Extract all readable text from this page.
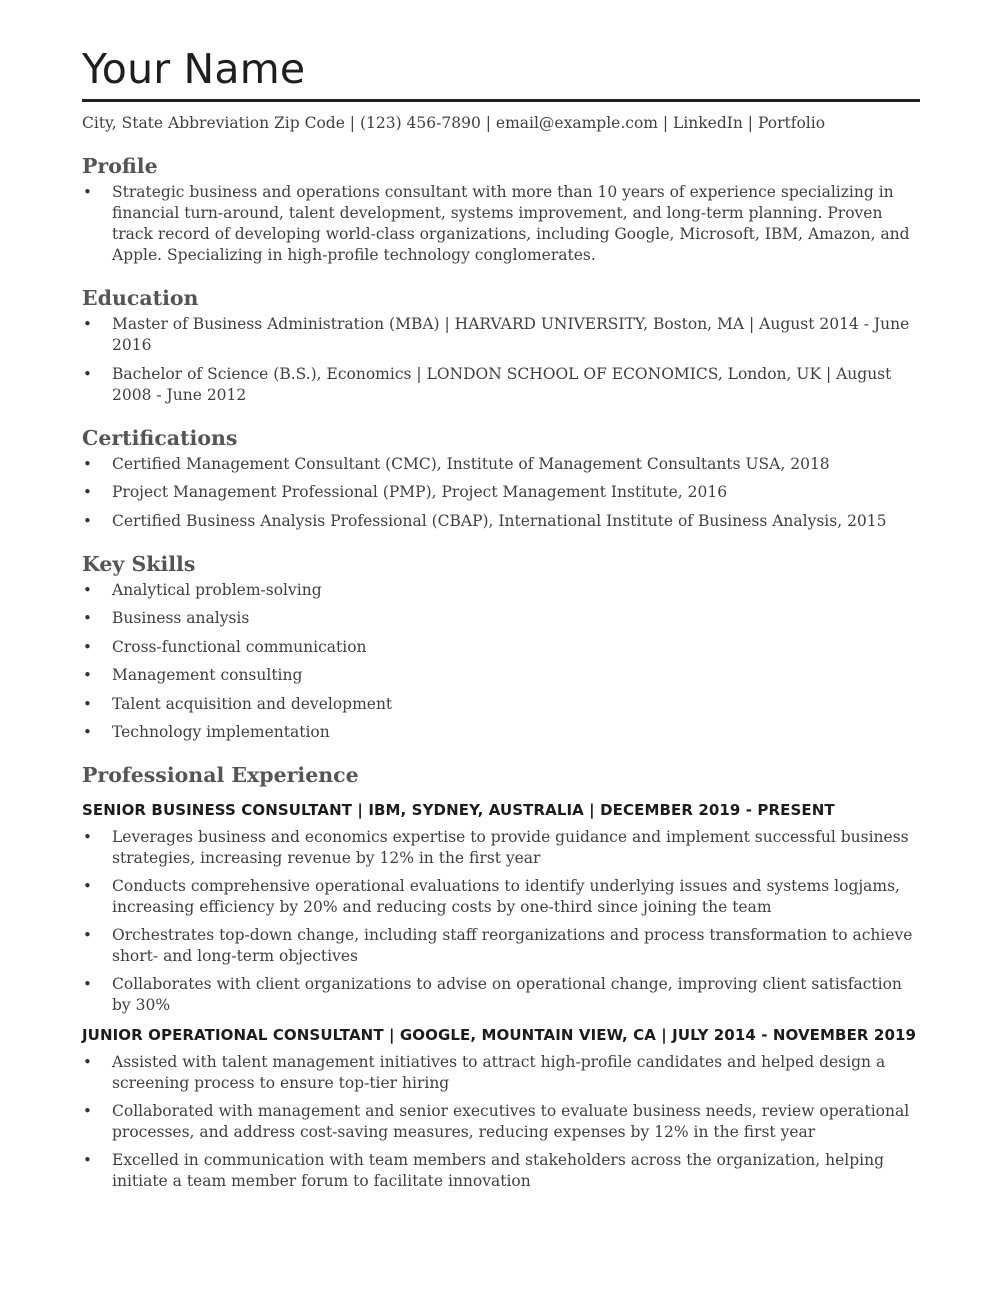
Your Name
City, State Abbreviation Zip Code | (123) 456-7890 | email@example.com | LinkedIn | Portfolio
Profile
• Strategic business and operations consultant with more than 10 years of experience specializing in financial turn-around, talent development, systems improvement, and long-term planning. Proven track record of developing world-class organizations, including Google, Microsoft, IBM, Amazon, and Apple. Specializing in high-profile technology conglomerates.
Education
• Master of Business Administration (MBA) | HARVARD UNIVERSITY, Boston, MA | August 2014 - June 2016
• Bachelor of Science (B.S.), Economics | LONDON SCHOOL OF ECONOMICS, London, UK | August 2008 - June 2012
Certifications
• Certified Management Consultant (CMC), Institute of Management Consultants USA, 2018
• Project Management Professional (PMP), Project Management Institute, 2016
• Certified Business Analysis Professional (CBAP), International Institute of Business Analysis, 2015
Key Skills
• Analytical problem-solving
• Business analysis
• Cross-functional communication
• Management consulting
• Talent acquisition and development
• Technology implementation
Professional Experience
SENIOR BUSINESS CONSULTANT | IBM, SYDNEY, AUSTRALIA | DECEMBER 2019 - PRESENT
• Leverages business and economics expertise to provide guidance and implement successful business strategies, increasing revenue by 12% in the first year
• Conducts comprehensive operational evaluations to identify underlying issues and systems logjams, increasing efficiency by 20% and reducing costs by one-third since joining the team
• Orchestrates top-down change, including staff reorganizations and process transformation to achieve short- and long-term objectives
• Collaborates with client organizations to advise on operational change, improving client satisfaction by 30%
JUNIOR OPERATIONAL CONSULTANT | GOOGLE, MOUNTAIN VIEW, CA | JULY 2014 - NOVEMBER 2019
• Assisted with talent management initiatives to attract high-profile candidates and helped design a screening process to ensure top-tier hiring
• Collaborated with management and senior executives to evaluate business needs, review operational processes, and address cost-saving measures, reducing expenses by 12% in the first year
• Excelled in communication with team members and stakeholders across the organization, helping initiate a team member forum to facilitate innovation
